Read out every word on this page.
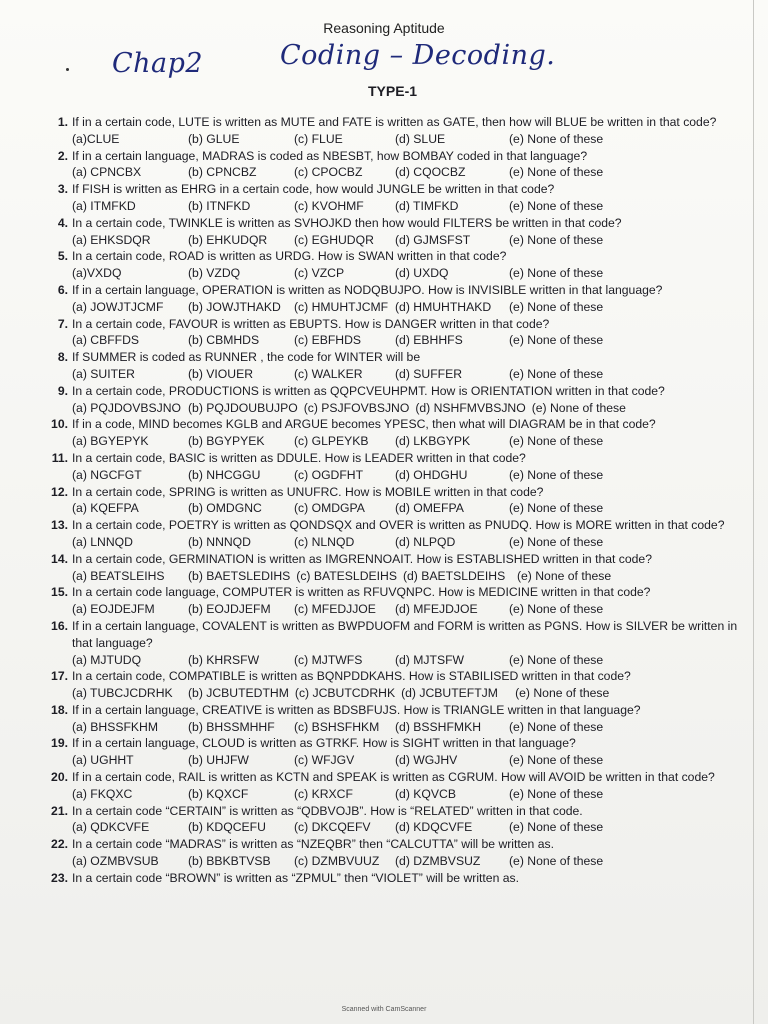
Reasoning Aptitude
Chap2	Coding – Decoding.
TYPE-1
1. If in a certain code, LUTE is written as MUTE and FATE is written as GATE, then how will BLUE be written in that code?
(a)CLUE	(b) GLUE	(c) FLUE	(d) SLUE	(e) None of these
2. If in a certain language, MADRAS is coded as NBESBT, how BOMBAY coded in that language?
(a) CPNCBX	(b) CPNCBZ	(c) CPOCBZ	(d) CQOCBZ	(e) None of these
3. If FISH is written as EHRG in a certain code, how would JUNGLE be written in that code?
(a) ITMFKD	(b) ITNFKD	(c) KVOHMF	(d) TIMFKD	(e) None of these
4. In a certain code, TWINKLE is written as SVHOJKD then how would FILTERS be written in that code?
(a) EHKSDQR	(b) EHKUDQR	(c) EGHUDQR	(d) GJMSFST	(e) None of these
5. In a certain code, ROAD is written as URDG. How is SWAN written in that code?
(a)VXDQ	(b) VZDQ	(c) VZCP	(d) UXDQ	(e) None of these
6. If in a certain language, OPERATION is written as NODQBUJPO. How is INVISIBLE written in that language?
(a) JOWJTJCMF	(b) JOWJTHAKD	(c) HMUHTJCMF (d) HMUHTHAKD	(e) None of these
7. In a certain code, FAVOUR is written as EBUPTS. How is DANGER written in that code?
(a) CBFFDS	(b) CBMHDS	(c) EBFHDS	(d) EBHHFS	(e) None of these
8. If SUMMER is coded as RUNNER , the code for WINTER will be
(a) SUITER	(b) VIOUER	(c) WALKER	(d) SUFFER	(e) None of these
9. In a certain code, PRODUCTIONS is written as QQPCVEUHPMT. How is ORIENTATION written in that code?
(a) PQJDOVBSJNO (b) PQJDOUBUJPO (c) PSJFOVBSJNO (d) NSHFMVBSJNO (e) None of these
10. If in a code, MIND becomes KGLB and ARGUE becomes YPESC, then what will DIAGRAM be in that code?
(a) BGYEPYK	(b) BGYPYEK	(c) GLPEYKB	(d) LKBGYPK	(e) None of these
11. In a certain code, BASIC is written as DDULE. How is LEADER written in that code?
(a) NGCFGT	(b) NHCGGU	(c) OGDFHT	(d) OHDGHU	(e) None of these
12. In a certain code, SPRING is written as UNUFRC. How is MOBILE written in that code?
(a) KQEFPA	(b) OMDGNC	(c) OMDGPA	(d) OMEFPA	(e) None of these
13. In a certain code, POETRY is written as QONDSQX and OVER is written as PNUDQ. How is MORE written in that code?
(a) LNNQD	(b) NNNQD	(c) NLNQD	(d) NLPQD	(e) None of these
14. In a certain code, GERMINATION is written as IMGRENNOAIT. How is ESTABLISHED written in that code?
(a) BEATSLEIHS	(b) BAETSLEDIHS (c) BATESLDEIHS (d) BAETSLDEIHS (e) None of these
15. In a certain code language, COMPUTER is written as RFUVQNPC. How is MEDICINE written in that code?
(a) EOJDEJFM	(b) EOJDJEFM	(c) MFEDJJOE	(d) MFEJDJOE	(e) None of these
16. If in a certain language, COVALENT is written as BWPDUOFM and FORM is written as PGNS. How is SILVER be written in that language?
(a) MJTUDQ	(b) KHRSFW	(c) MJTWFS	(d) MJTSFW	(e) None of these
17. In a certain code, COMPATIBLE is written as BQNPDDKAHS. How is STABILISED written in that code?
(a) TUBCJCDRHK	(b) JCBUTEDTHM (c) JCBUTCDRHK (d) JCBUTEFTJM	(e) None of these
18. If in a certain language, CREATIVE is written as BDSBFUJS. How is TRIANGLE written in that language?
(a) BHSSFKHM	(b) BHSSMHHF	(c) BSHSFHKM	(d) BSSHFMKH	(e) None of these
19. If in a certain language, CLOUD is written as GTRKF. How is SIGHT written in that language?
(a) UGHHT	(b) UHJFW	(c) WFJGV	(d) WGJHV	(e) None of these
20. If in a certain code, RAIL is written as KCTN and SPEAK is written as CGRUM. How will AVOID be written in that code?
(a) FKQXC	(b) KQXCF	(c) KRXCF	(d) KQVCB	(e) None of these
21. In a certain code “CERTAIN” is written as “QDBVOJB”. How is “RELATED” written in that code.
(a) QDKCVFE	(b) KDQCEFU	(c) DKCQEFV	(d) KDQCVFE	(e) None of these
22. In a certain code “MADRAS” is written as “NZEQBR” then “CALCUTTA” will be written as.
(a) OZMBVSUB	(b) BBKBTVSB	(c) DZMBVUUZ	(d) DZMBVSUZ	(e) None of these
23. In a certain code “BROWN” is written as “ZPMUL” then “VIOLET” will be written as.
Scanned with CamScanner
